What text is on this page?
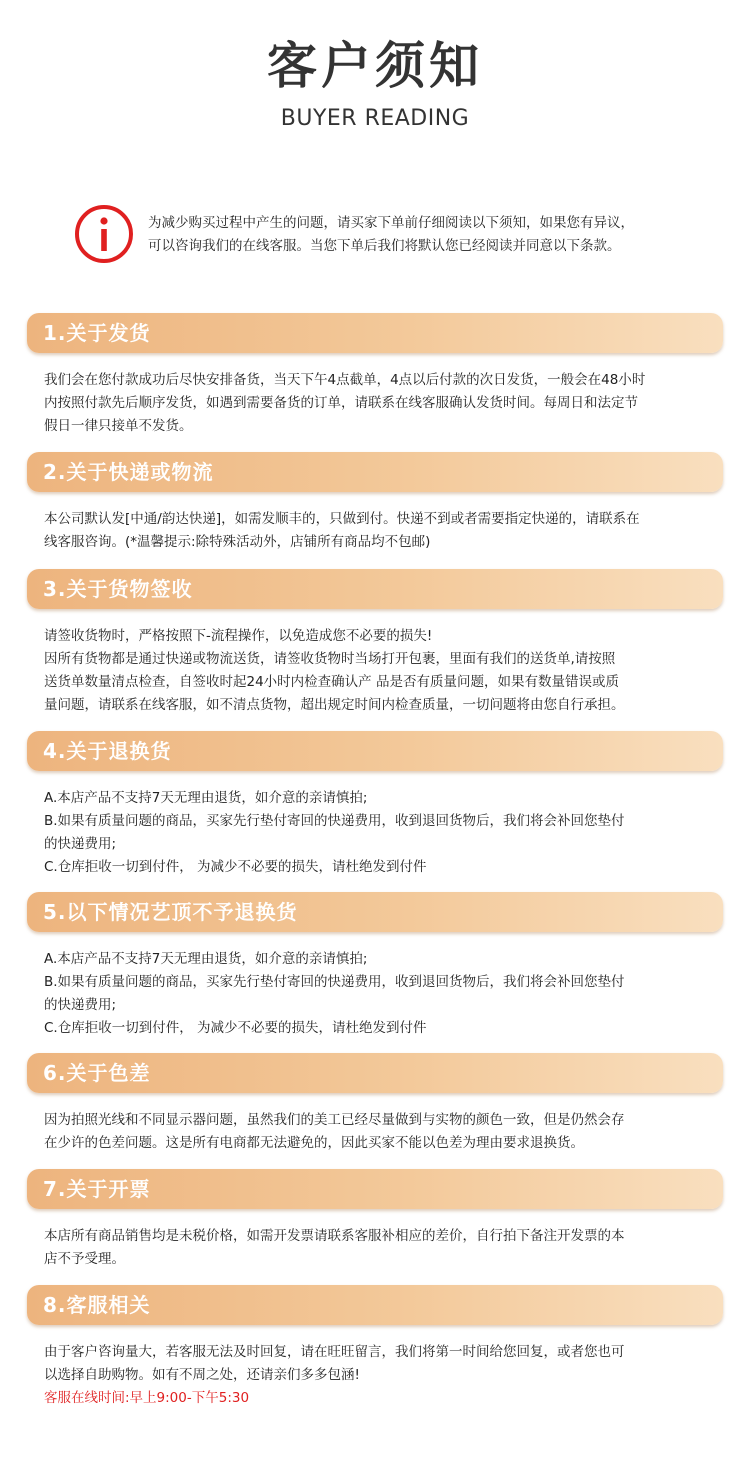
客户须知
BUYER READING
为减少购买过程中产生的问题，请买家下单前仔细阅读以下须知，如果您有异议，
可以咨询我们的在线客服。当您下单后我们将默认您已经阅读并同意以下条款。
1.关于发货
我们会在您付款成功后尽快安排备货，当天下午4点截单，4点以后付款的次日发货，一般会在48小时
内按照付款先后顺序发货，如遇到需要备货的订单，请联系在线客服确认发货时间。每周日和法定节
假日一律只接单不发货。
2.关于快递或物流
本公司默认发[中通/韵达快递]，如需发顺丰的，只做到付。快递不到或者需要指定快递的，请联系在
线客服咨询。(*温馨提示:除特殊活动外，店铺所有商品均不包邮)
3.关于货物签收
请签收货物时，严格按照下-流程操作，以免造成您不必要的损失!
因所有货物都是通过快递或物流送货，请签收货物时当场打开包裹，里面有我们的送货单,请按照
送货单数量清点检查，自签收时起24小时内检查确认产 品是否有质量问题，如果有数量错误或质
量问题，请联系在线客服，如不清点货物，超出规定时间内检查质量，一切问题将由您自行承担。
4.关于退换货
A.本店产品不支持7天无理由退货，如介意的亲请慎拍;
B.如果有质量问题的商品，买家先行垫付寄回的快递费用，收到退回货物后，我们将会补回您垫付
的快递费用;
C.仓库拒收一切到付件， 为减少不必要的损失，请杜绝发到付件
5.以下情况艺顶不予退换货
A.本店产品不支持7天无理由退货，如介意的亲请慎拍;
B.如果有质量问题的商品，买家先行垫付寄回的快递费用，收到退回货物后，我们将会补回您垫付
的快递费用;
C.仓库拒收一切到付件， 为减少不必要的损失，请杜绝发到付件
6.关于色差
因为拍照光线和不同显示器问题，虽然我们的美工已经尽量做到与实物的颜色一致，但是仍然会存
在少许的色差问题。这是所有电商都无法避免的，因此买家不能以色差为理由要求退换货。
7.关于开票
本店所有商品销售均是未税价格，如需开发票请联系客服补相应的差价，自行拍下备注开发票的本
店不予受理。
8.客服相关
由于客户咨询量大，若客服无法及时回复，请在旺旺留言，我们将第一时间给您回复，或者您也可
以选择自助购物。如有不周之处，还请亲们多多包涵!
客服在线时间:早上9:00-下午5:30
